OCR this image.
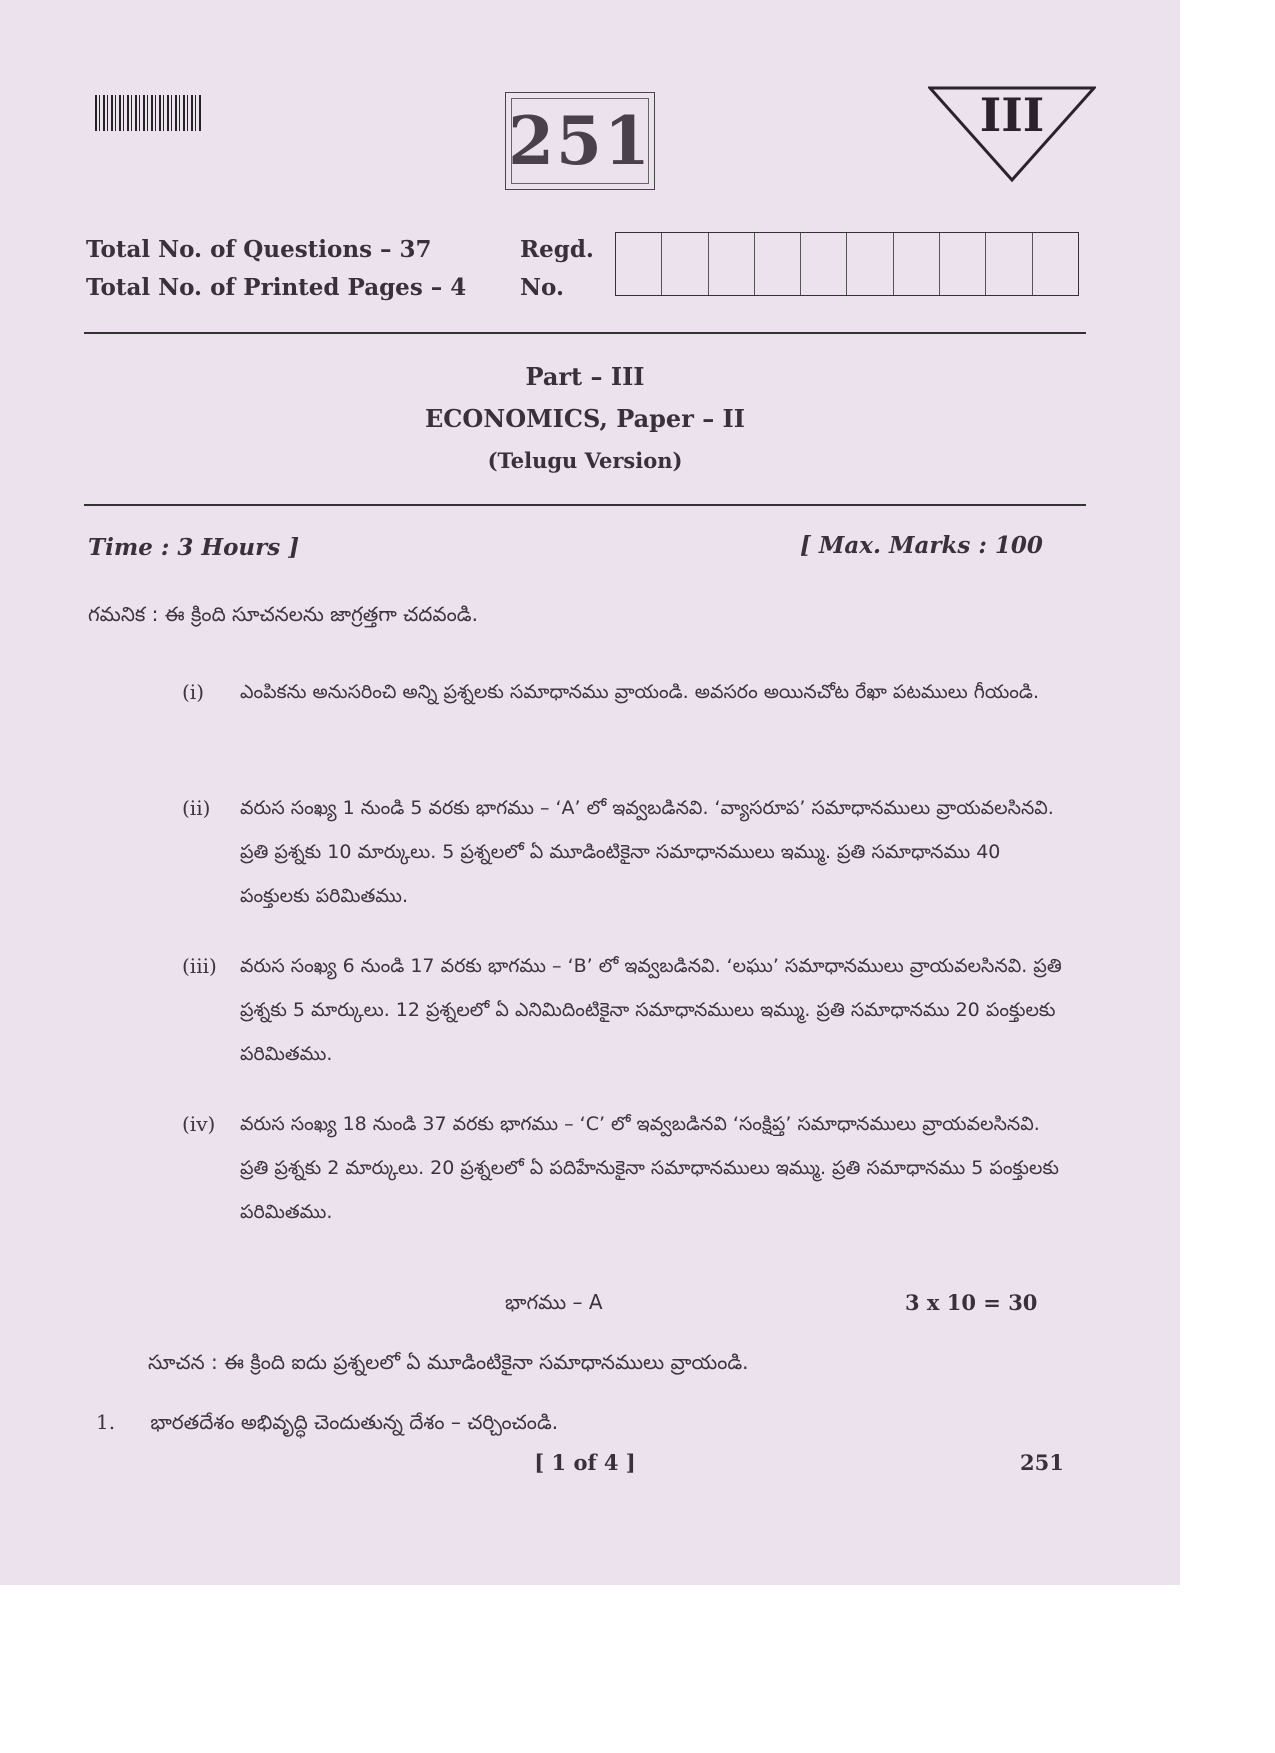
251	III
Total No. of Questions – 37
Total No. of Printed Pages – 4
Regd.
No.
Part – III
ECONOMICS, Paper – II
(Telugu Version)
Time : 3 Hours ]	[ Max. Marks : 100
గమనిక : ఈ క్రింది సూచనలను జాగ్రత్తగా చదవండి.
(i) ఎంపికను అనుసరించి అన్ని ప్రశ్నలకు సమాధానము వ్రాయండి. అవసరం అయినచోట రేఖా పటములు గీయండి.
(ii) వరుస సంఖ్య 1 నుండి 5 వరకు భాగము – ‘A’ లో ఇవ్వబడినవి. ‘వ్యాసరూప’ సమాధానములు వ్రాయవలసినవి. ప్రతి ప్రశ్నకు 10 మార్కులు. 5 ప్రశ్నలలో ఏ మూడింటికైనా సమాధానములు ఇమ్ము. ప్రతి సమాధానము 40 పంక్తులకు పరిమితము.
(iii) వరుస సంఖ్య 6 నుండి 17 వరకు భాగము – ‘B’ లో ఇవ్వబడినవి. ‘లఘు’ సమాధానములు వ్రాయవలసినవి. ప్రతి ప్రశ్నకు 5 మార్కులు. 12 ప్రశ్నలలో ఏ ఎనిమిదింటికైనా సమాధానములు ఇమ్ము. ప్రతి సమాధానము 20 పంక్తులకు పరిమితము.
(iv) వరుస సంఖ్య 18 నుండి 37 వరకు భాగము – ‘C’ లో ఇవ్వబడినవి ‘సంక్షిప్త’ సమాధానములు వ్రాయవలసినవి. ప్రతి ప్రశ్నకు 2 మార్కులు. 20 ప్రశ్నలలో ఏ పదిహేనుకైనా సమాధానములు ఇమ్ము. ప్రతి సమాధానము 5 పంక్తులకు పరిమితము.
భాగము – A	3 x 10 = 30
సూచన : ఈ క్రింది ఐదు ప్రశ్నలలో ఏ మూడింటికైనా సమాధానములు వ్రాయండి.
1. భారతదేశం అభివృద్ధి చెందుతున్న దేశం – చర్చించండి.
[ 1 of 4 ]	251
